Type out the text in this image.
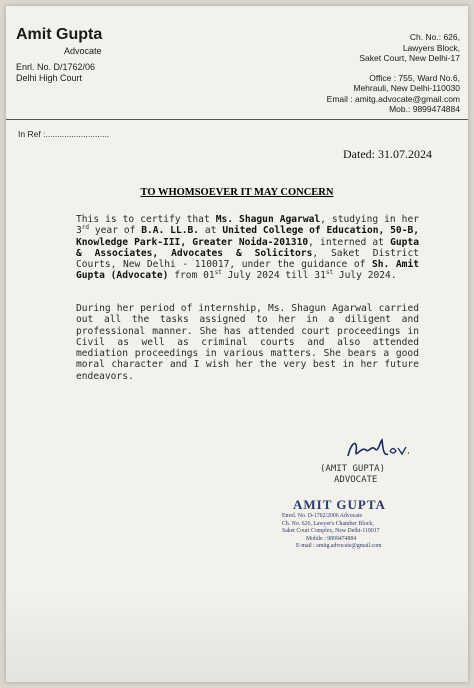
Amit Gupta
Advocate
Enrl. No. D/1762/06
Delhi High Court
Ch. No.: 626,
Lawyers Block,
Saket Court, New Delhi-17
Office : 755, Ward No.6,
Mehrauli, New Delhi-110030
Email : amitg.advocate@gmail.com
Mob.: 9899474884
In Ref :...........................
Dated: 31.07.2024
TO WHOMSOEVER IT MAY CONCERN

This is to certify that Ms. Shagun Agarwal, studying in her 3rd year of B.A. LL.B. at United College of Education, 50-B, Knowledge Park-III, Greater Noida-201310, interned at Gupta & Associates, Advocates & Solicitors, Saket District Courts, New Delhi - 110017, under the guidance of Sh. Amit Gupta (Advocate) from 01st July 2024 till 31st July 2024.

During her period of internship, Ms. Shagun Agarwal carried out all the tasks assigned to her in a diligent and professional manner. She has attended court proceedings in Civil as well as criminal courts and also attended mediation proceedings in various matters. She bears a good moral character and I wish her the very best in her future endeavors.

(AMIT GUPTA)
ADVOCATE
AMIT GUPTA
Enrol. No. D-1762/2006 Advocate
Ch. No. 626, Lawyer's Chamber Block,
Saket Court Complex, New Delhi-110017
Mobile : 9899474884
E-mail : amitg.advocate@gmail.com
